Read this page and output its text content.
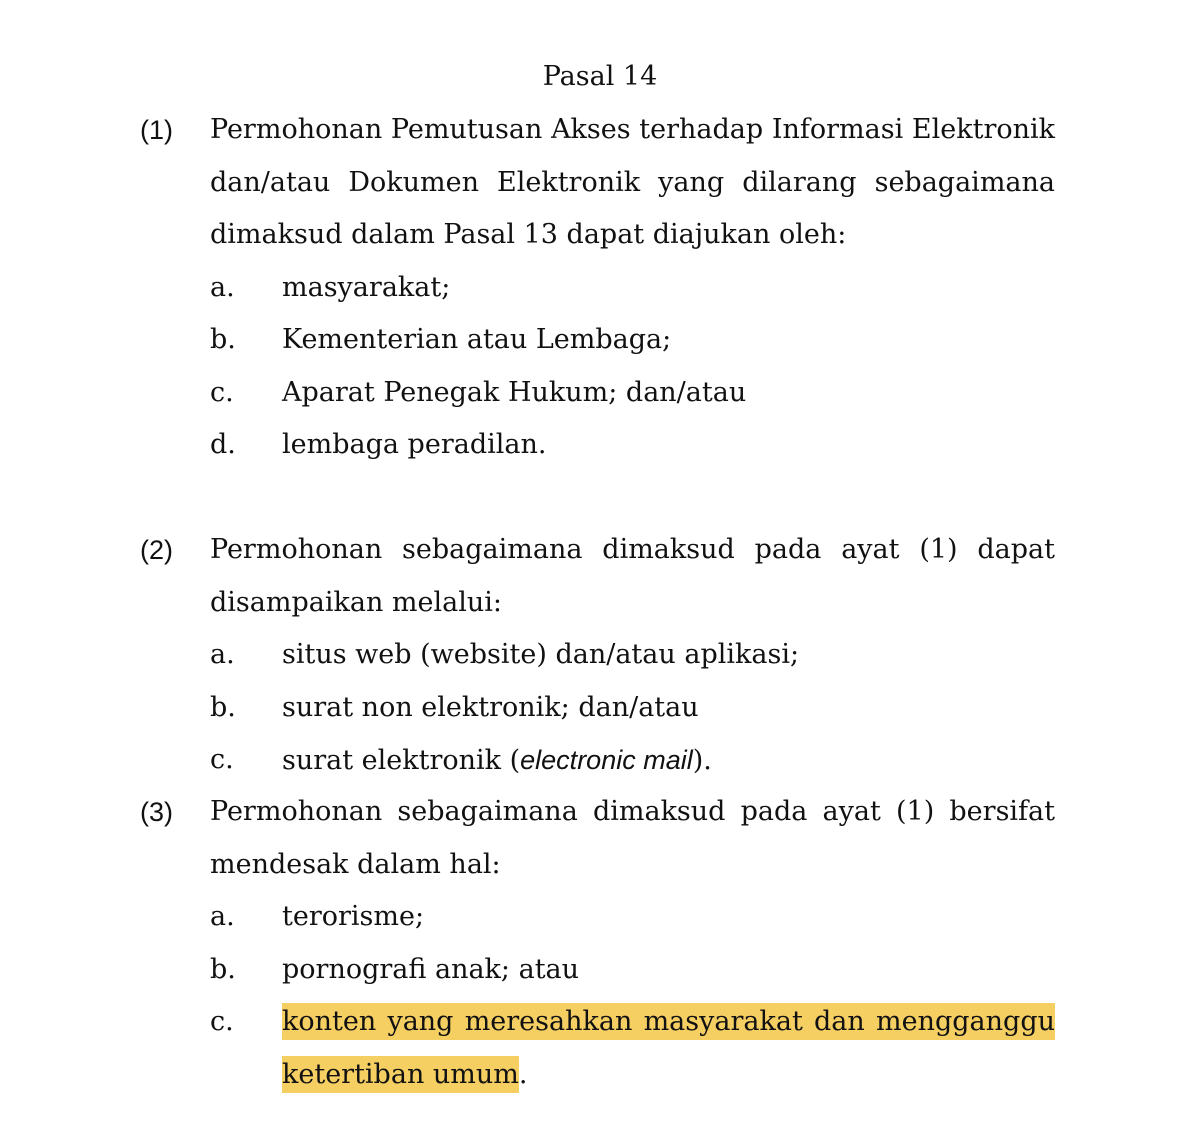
Pasal 14
(1) Permohonan Pemutusan Akses terhadap Informasi Elektronik dan/atau Dokumen Elektronik yang dilarang sebagaimana dimaksud dalam Pasal 13 dapat diajukan oleh:
a. masyarakat;
b. Kementerian atau Lembaga;
c. Aparat Penegak Hukum; dan/atau
d. lembaga peradilan.
(2) Permohonan sebagaimana dimaksud pada ayat (1) dapat disampaikan melalui:
a. situs web (website) dan/atau aplikasi;
b. surat non elektronik; dan/atau
c. surat elektronik (electronic mail).
(3) Permohonan sebagaimana dimaksud pada ayat (1) bersifat mendesak dalam hal:
a. terorisme;
b. pornografi anak; atau
c. konten yang meresahkan masyarakat dan mengganggu ketertiban umum.
